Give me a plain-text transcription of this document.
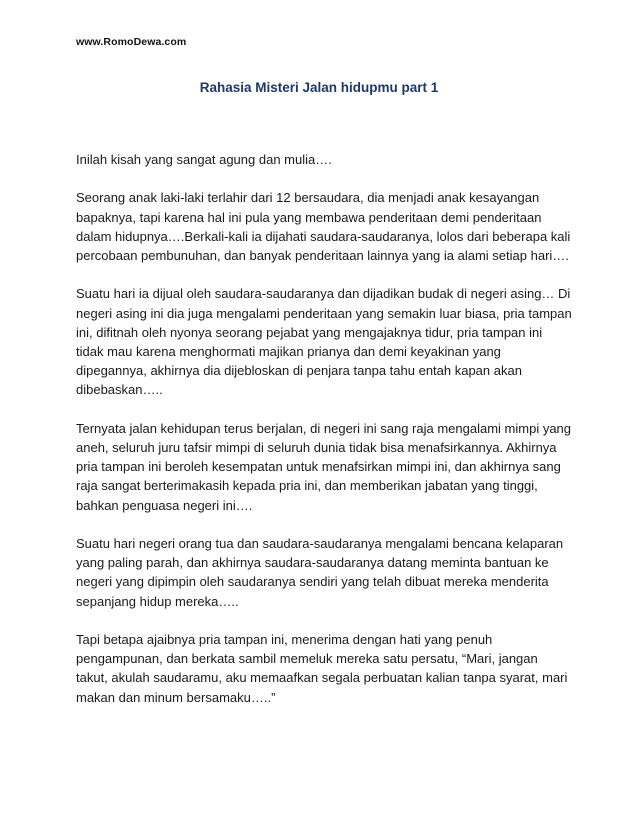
www.RomoDewa.com
Rahasia Misteri Jalan hidupmu part 1

Inilah kisah yang sangat agung dan mulia….

Seorang anak laki-laki terlahir dari 12 bersaudara, dia menjadi anak kesayangan bapaknya, tapi karena hal ini pula yang membawa penderitaan demi penderitaan dalam hidupnya….Berkali-kali ia dijahati saudara-saudaranya, lolos dari beberapa kali percobaan pembunuhan, dan banyak penderitaan lainnya yang ia alami setiap hari….

Suatu hari ia dijual oleh saudara-saudaranya dan dijadikan budak di negeri asing… Di negeri asing ini dia juga mengalami penderitaan yang semakin luar biasa, pria tampan ini, difitnah oleh nyonya seorang pejabat yang mengajaknya tidur, pria tampan ini tidak mau karena menghormati majikan prianya dan demi keyakinan yang dipegannya, akhirnya dia dijebloskan di penjara tanpa tahu entah kapan akan dibebaskan…..

Ternyata jalan kehidupan terus berjalan, di negeri ini sang raja mengalami mimpi yang aneh, seluruh juru tafsir mimpi di seluruh dunia tidak bisa menafsirkannya. Akhirnya pria tampan ini beroleh kesempatan untuk menafsirkan mimpi ini, dan akhirnya sang raja sangat berterimakasih kepada pria ini, dan memberikan jabatan yang tinggi, bahkan penguasa negeri ini….

Suatu hari negeri orang tua dan saudara-saudaranya mengalami bencana kelaparan yang paling parah, dan akhirnya saudara-saudaranya datang meminta bantuan ke negeri yang dipimpin oleh saudaranya sendiri yang telah dibuat mereka menderita sepanjang hidup mereka…..

Tapi betapa ajaibnya pria tampan ini, menerima dengan hati yang penuh pengampunan, dan berkata sambil memeluk mereka satu persatu, “Mari, jangan takut, akulah saudaramu, aku memaafkan segala perbuatan kalian tanpa syarat, mari makan dan minum bersamaku…..”
